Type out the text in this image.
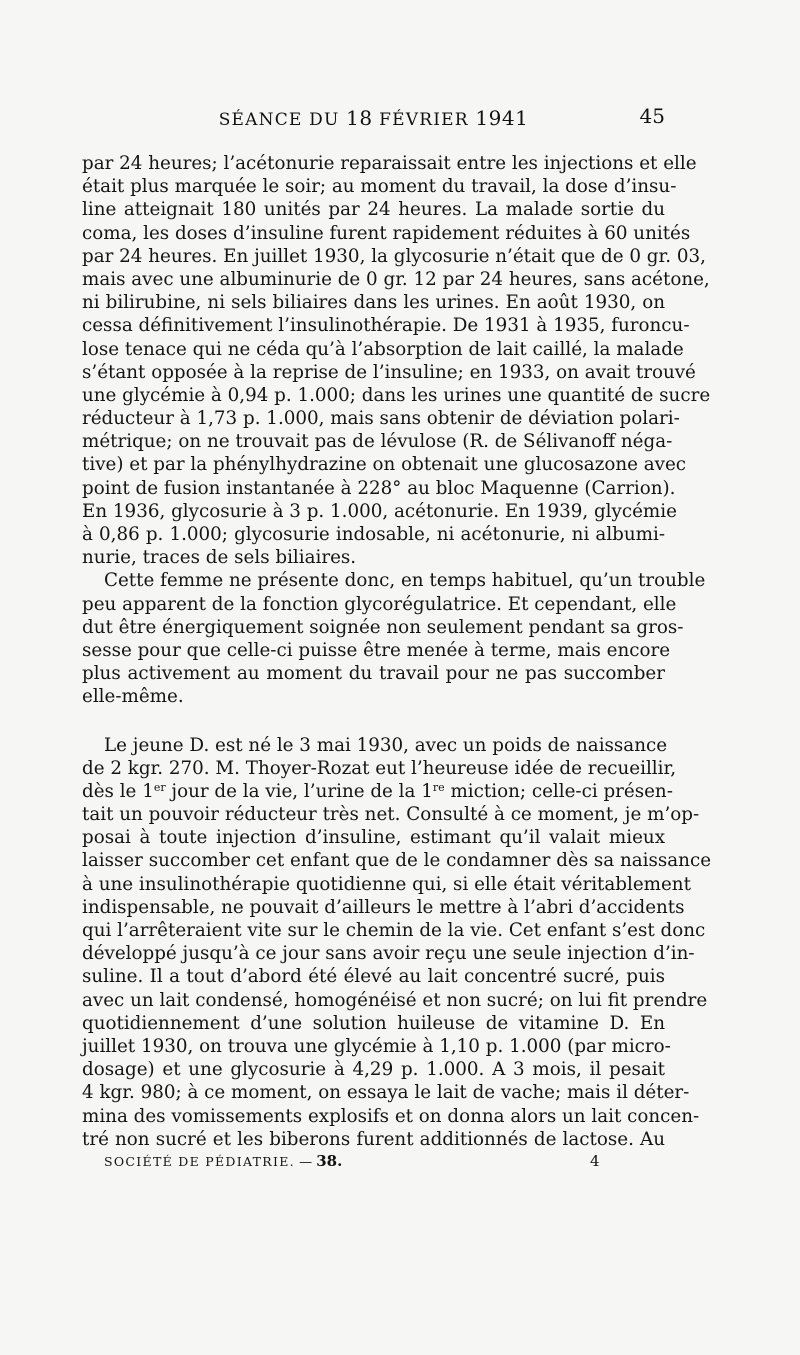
SÉANCE DU 18 FÉVRIER 1941	45
par 24 heures; l’acétonurie reparaissait entre les injections et elle
était plus marquée le soir; au moment du travail, la dose d’insu-
line atteignait 180 unités par 24 heures. La malade sortie du
coma, les doses d’insuline furent rapidement réduites à 60 unités
par 24 heures. En juillet 1930, la glycosurie n’était que de 0 gr. 03,
mais avec une albuminurie de 0 gr. 12 par 24 heures, sans acétone,
ni bilirubine, ni sels biliaires dans les urines. En août 1930, on
cessa définitivement l’insulinothérapie. De 1931 à 1935, furoncu-
lose tenace qui ne céda qu’à l’absorption de lait caillé, la malade
s’étant opposée à la reprise de l’insuline; en 1933, on avait trouvé
une glycémie à 0,94 p. 1.000; dans les urines une quantité de sucre
réducteur à 1,73 p. 1.000, mais sans obtenir de déviation polari-
métrique; on ne trouvait pas de lévulose (R. de Sélivanoff néga-
tive) et par la phénylhydrazine on obtenait une glucosazone avec
point de fusion instantanée à 228° au bloc Maquenne (Carrion).
En 1936, glycosurie à 3 p. 1.000, acétonurie. En 1939, glycémie
à 0,86 p. 1.000; glycosurie indosable, ni acétonurie, ni albumi-
nurie, traces de sels biliaires.
Cette femme ne présente donc, en temps habituel, qu’un trouble
peu apparent de la fonction glycorégulatrice. Et cependant, elle
dut être énergiquement soignée non seulement pendant sa gros-
sesse pour que celle-ci puisse être menée à terme, mais encore
plus activement au moment du travail pour ne pas succomber
elle-même.
Le jeune D. est né le 3 mai 1930, avec un poids de naissance
de 2 kgr. 270. M. Thoyer-Rozat eut l’heureuse idée de recueillir,
dès le 1er jour de la vie, l’urine de la 1re miction; celle-ci présen-
tait un pouvoir réducteur très net. Consulté à ce moment, je m’op-
posai à toute injection d’insuline, estimant qu’il valait mieux
laisser succomber cet enfant que de le condamner dès sa naissance
à une insulinothérapie quotidienne qui, si elle était véritablement
indispensable, ne pouvait d’ailleurs le mettre à l’abri d’accidents
qui l’arrêteraient vite sur le chemin de la vie. Cet enfant s’est donc
développé jusqu’à ce jour sans avoir reçu une seule injection d’in-
suline. Il a tout d’abord été élevé au lait concentré sucré, puis
avec un lait condensé, homogénéisé et non sucré; on lui fit prendre
quotidiennement d’une solution huileuse de vitamine D. En
juillet 1930, on trouva une glycémie à 1,10 p. 1.000 (par micro-
dosage) et une glycosurie à 4,29 p. 1.000. A 3 mois, il pesait
4 kgr. 980; à ce moment, on essaya le lait de vache; mais il déter-
mina des vomissements explosifs et on donna alors un lait concen-
tré non sucré et les biberons furent additionnés de lactose. Au
SOCIÉTÉ DE PÉDIATRIE. — 38.	4
